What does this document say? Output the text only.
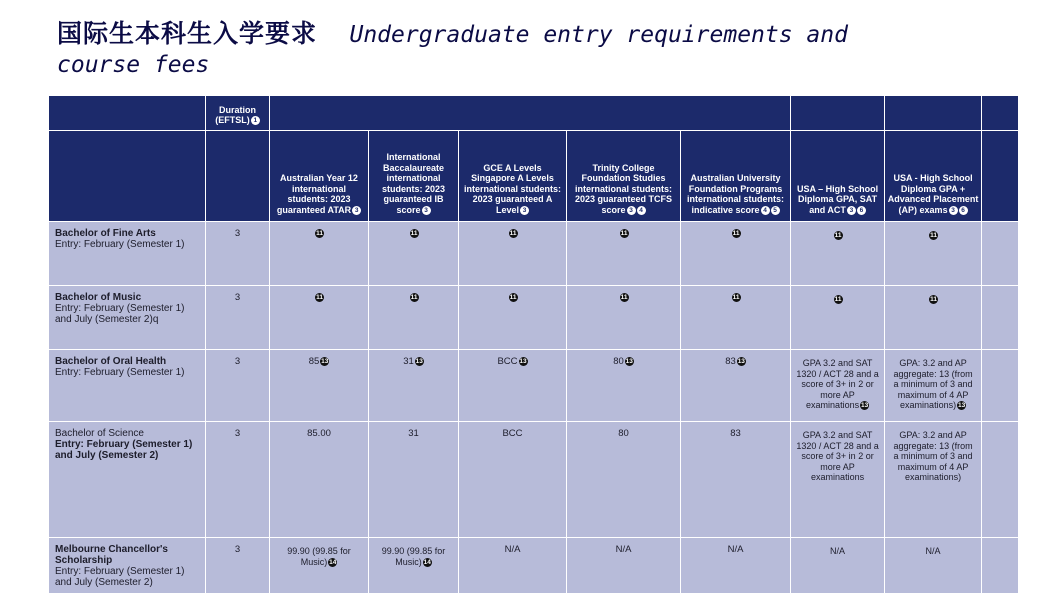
国际生本科生入学要求 Undergraduate entry requirements and
course fees

	Duration (EFTSL) 1								

		Australian Year 12 international students: 2023 guaranteed ATAR 3	International Baccalaureate international students: 2023 guaranteed IB score 3	GCE A Levels Singapore A Levels international students: 2023 guaranteed A Level 3	Trinity College Foundation Studies international students: 2023 guaranteed TCFS score 3 4	Australian University Foundation Programs international students: indicative score 4 5	USA – High School Diploma GPA, SAT and ACT 3 6	USA - High School Diploma GPA + Advanced Placement (AP) exams 3 6	

Bachelor of Fine Arts
Entry: February (Semester 1)	3	11	11	11	11	11	11	11	

Bachelor of Music
Entry: February (Semester 1) and July (Semester 2)q	3	11	11	11	11	11	11	11	

Bachelor of Oral Health
Entry: February (Semester 1)	3	85 13	31 13	BCC 13	80 13	83 13	GPA 3.2 and SAT 1320 / ACT 28 and a score of 3+ in 2 or more AP examinations 13	GPA: 3.2 and AP aggregate: 13 (from a minimum of 3 and maximum of 4 AP examinations) 13	

Bachelor of Science
Entry: February (Semester 1) and July (Semester 2)	3	85.00	31	BCC	80	83	GPA 3.2 and SAT 1320 / ACT 28 and a score of 3+ in 2 or more AP examinations	GPA: 3.2 and AP aggregate: 13 (from a minimum of 3 and maximum of 4 AP examinations)	

Melbourne Chancellor's Scholarship
Entry: February (Semester 1) and July (Semester 2)	3	99.90 (99.85 for Music) 14	99.90 (99.85 for Music) 14	N/A	N/A	N/A	N/A	N/A	
